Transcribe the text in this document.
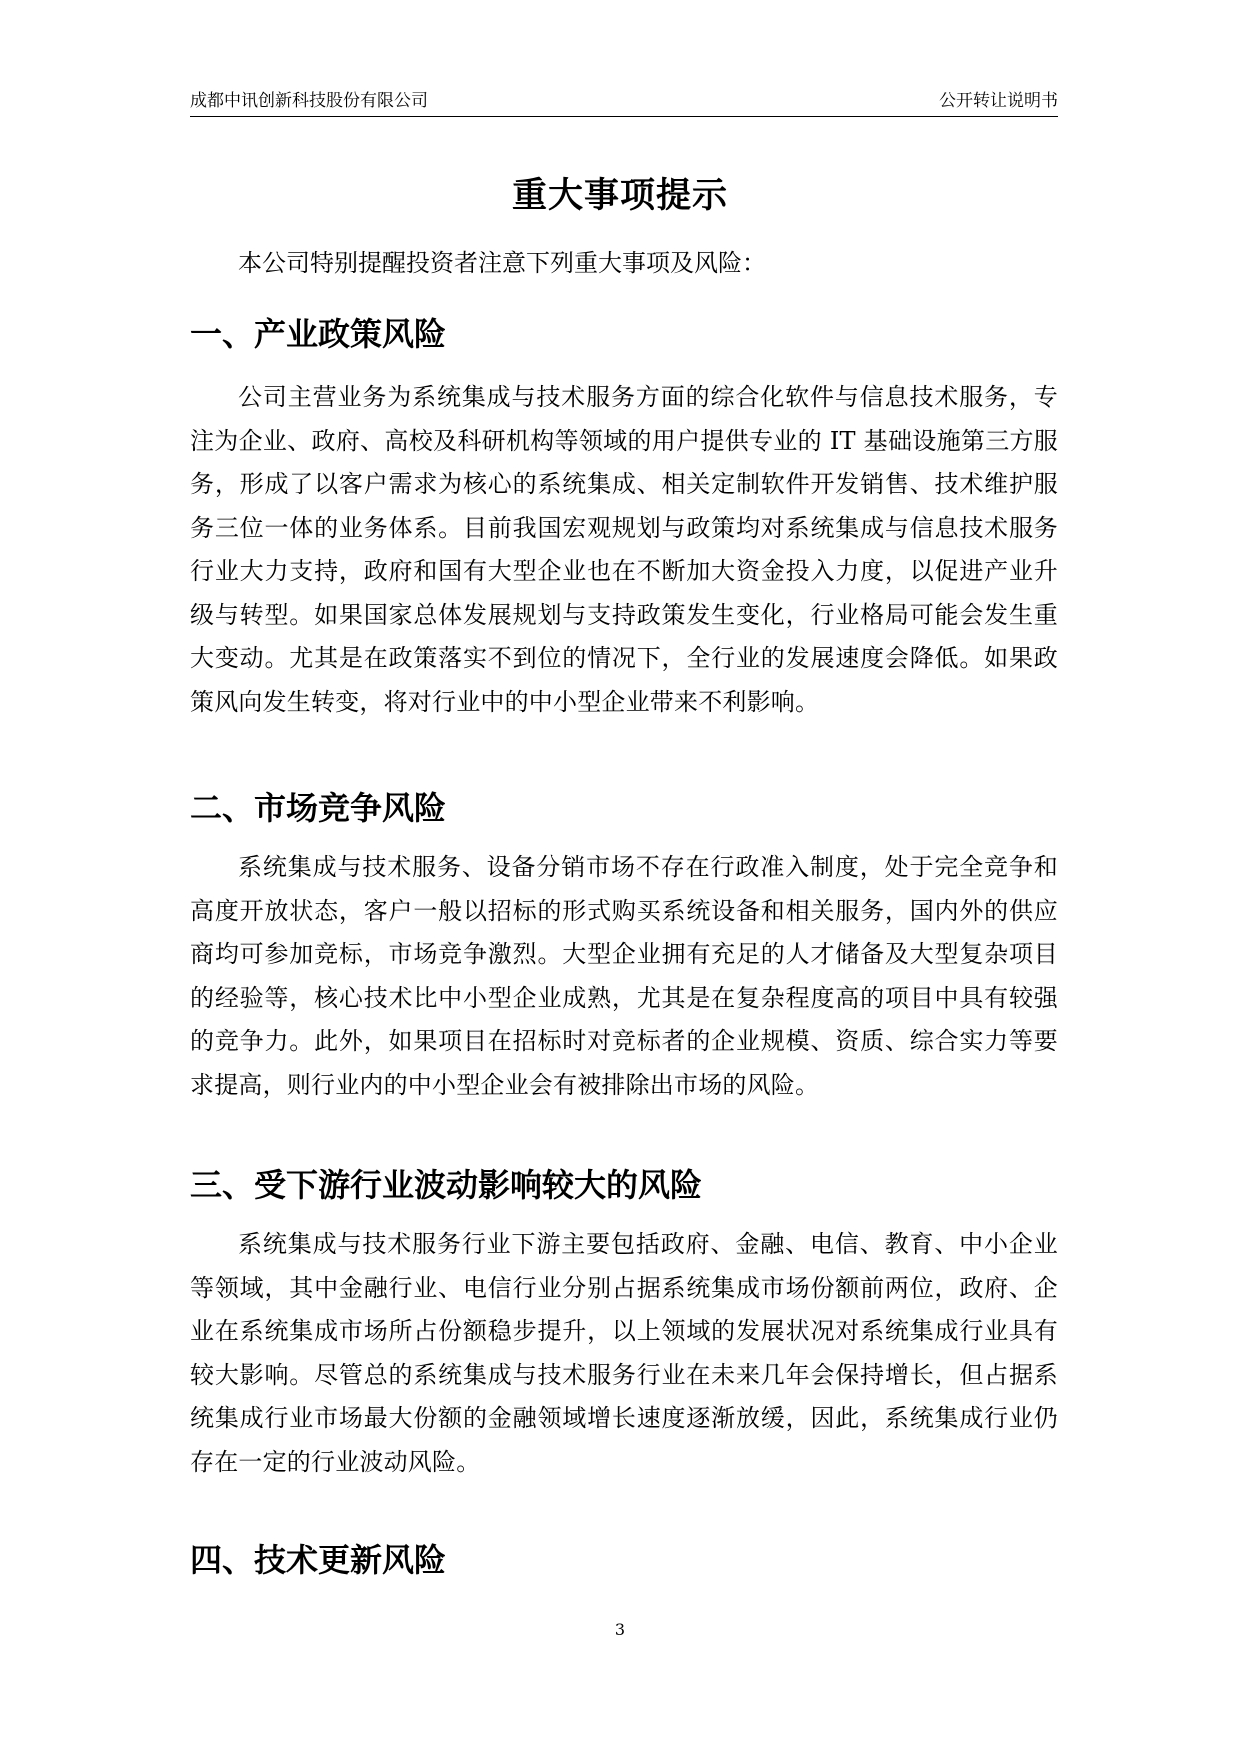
成都中讯创新科技股份有限公司	公开转让说明书
重大事项提示

本公司特别提醒投资者注意下列重大事项及风险：

一、产业政策风险

公司主营业务为系统集成与技术服务方面的综合化软件与信息技术服务，专注为企业、政府、高校及科研机构等领域的用户提供专业的 IT 基础设施第三方服务，形成了以客户需求为核心的系统集成、相关定制软件开发销售、技术维护服务三位一体的业务体系。目前我国宏观规划与政策均对系统集成与信息技术服务行业大力支持，政府和国有大型企业也在不断加大资金投入力度，以促进产业升级与转型。如果国家总体发展规划与支持政策发生变化，行业格局可能会发生重大变动。尤其是在政策落实不到位的情况下，全行业的发展速度会降低。如果政策风向发生转变，将对行业中的中小型企业带来不利影响。

二、市场竞争风险

系统集成与技术服务、设备分销市场不存在行政准入制度，处于完全竞争和高度开放状态，客户一般以招标的形式购买系统设备和相关服务，国内外的供应商均可参加竞标，市场竞争激烈。大型企业拥有充足的人才储备及大型复杂项目的经验等，核心技术比中小型企业成熟，尤其是在复杂程度高的项目中具有较强的竞争力。此外，如果项目在招标时对竞标者的企业规模、资质、综合实力等要求提高，则行业内的中小型企业会有被排除出市场的风险。

三、受下游行业波动影响较大的风险

系统集成与技术服务行业下游主要包括政府、金融、电信、教育、中小企业等领域，其中金融行业、电信行业分别占据系统集成市场份额前两位，政府、企业在系统集成市场所占份额稳步提升，以上领域的发展状况对系统集成行业具有较大影响。尽管总的系统集成与技术服务行业在未来几年会保持增长，但占据系统集成行业市场最大份额的金融领域增长速度逐渐放缓，因此，系统集成行业仍存在一定的行业波动风险。

四、技术更新风险
3
